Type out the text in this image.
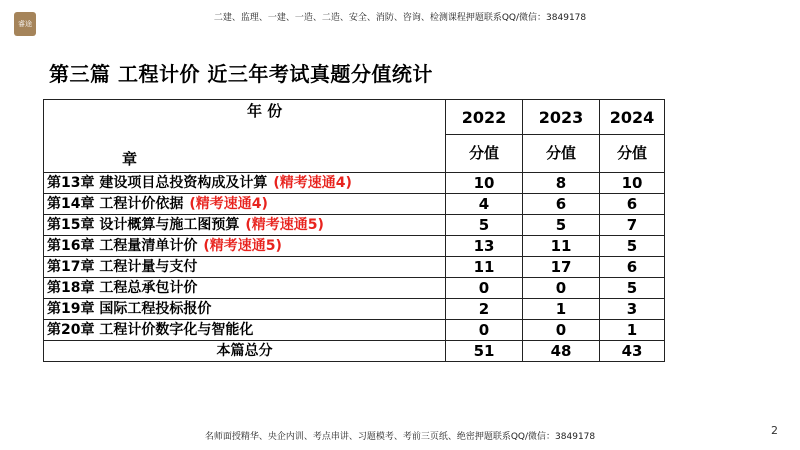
睿途
二建、监理、一建、一造、二造、安全、消防、咨询、检测课程押题联系QQ/微信：3849178
第三篇 工程计价 近三年考试真题分值统计
年 份
章	2022	2023	2024
	分值	分值	分值
第13章 建设项目总投资构成及计算 (精考速通4)	10	8	10
第14章 工程计价依据 (精考速通4)	4	6	6
第15章 设计概算与施工图预算 (精考速通5)	5	5	7
第16章 工程量清单计价 (精考速通5)	13	11	5
第17章 工程计量与支付	11	17	6
第18章 工程总承包计价	0	0	5
第19章 国际工程投标报价	2	1	3
第20章 工程计价数字化与智能化	0	0	1
本篇总分	51	48	43
名师面授精华、央企内训、考点串讲、习题模考、考前三页纸、绝密押题联系QQ/微信：3849178	2
